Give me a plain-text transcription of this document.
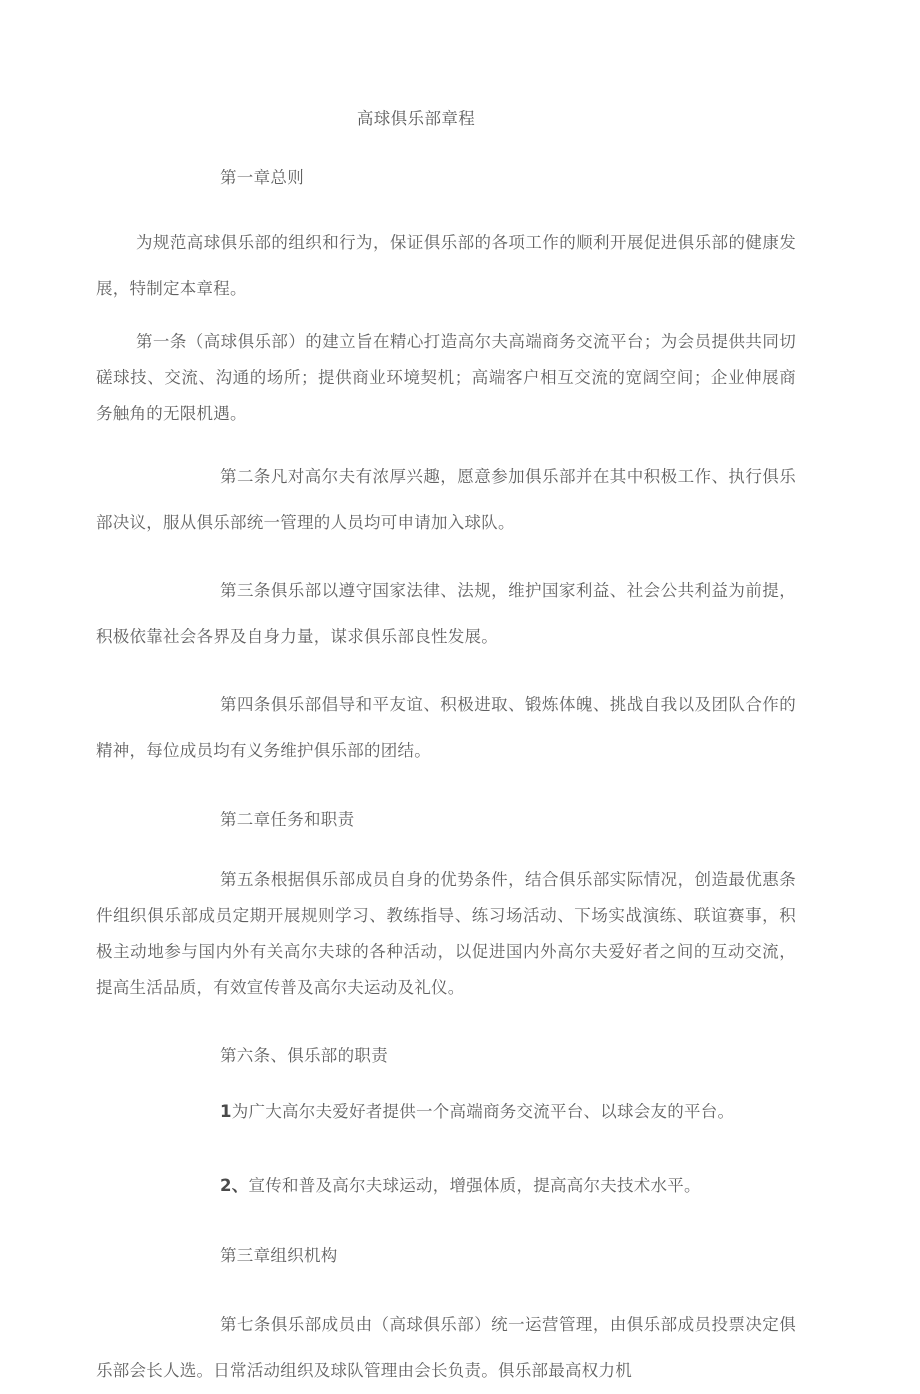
高球俱乐部章程
第一章总则
为规范高球俱乐部的组织和行为，保证俱乐部的各项工作的顺利开展促进俱乐部的健康发展，特制定本章程。
第一条（高球俱乐部）的建立旨在精心打造高尔夫高端商务交流平台；为会员提供共同切磋球技、交流、沟通的场所；提供商业环境契机；高端客户相互交流的宽阔空间；企业伸展商务触角的无限机遇。
第二条凡对高尔夫有浓厚兴趣，愿意参加俱乐部并在其中积极工作、执行俱乐部决议，服从俱乐部统一管理的人员均可申请加入球队。
第三条俱乐部以遵守国家法律、法规，维护国家利益、社会公共利益为前提，积极依靠社会各界及自身力量，谋求俱乐部良性发展。
第四条俱乐部倡导和平友谊、积极进取、锻炼体魄、挑战自我以及团队合作的精神，每位成员均有义务维护俱乐部的团结。
第二章任务和职责
第五条根据俱乐部成员自身的优势条件，结合俱乐部实际情况，创造最优惠条件组织俱乐部成员定期开展规则学习、教练指导、练习场活动、下场实战演练、联谊赛事，积极主动地参与国内外有关高尔夫球的各种活动，以促进国内外高尔夫爱好者之间的互动交流，提高生活品质，有效宣传普及高尔夫运动及礼仪。
第六条、俱乐部的职责
1为广大高尔夫爱好者提供一个高端商务交流平台、以球会友的平台。
2、宣传和普及高尔夫球运动，增强体质，提高高尔夫技术水平。
第三章组织机构
第七条俱乐部成员由（高球俱乐部）统一运营管理，由俱乐部成员投票决定俱乐部会长人选。日常活动组织及球队管理由会长负责。俱乐部最高权力机
